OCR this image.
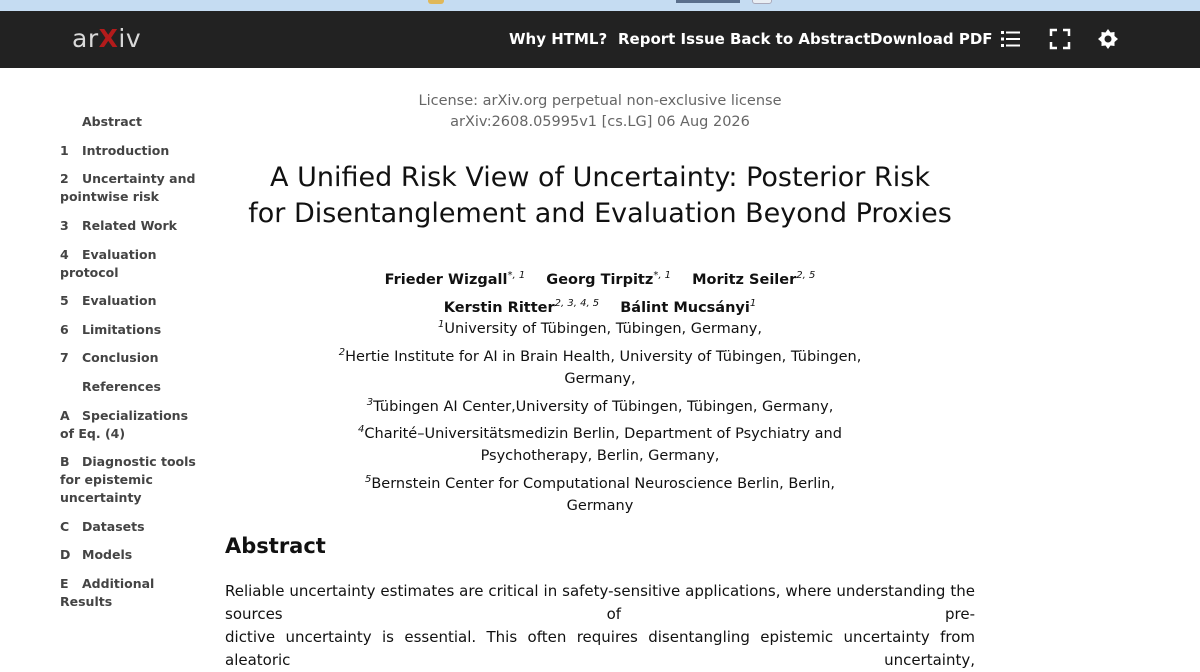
arXiv	Why HTML? Report Issue Back to Abstract Download PDF
Abstract
1 Introduction
2 Uncertainty and pointwise risk
3 Related Work
4 Evaluation protocol
5 Evaluation
6 Limitations
7 Conclusion
References
A Specializations of Eq. (4)
B Diagnostic tools for epistemic uncertainty
C Datasets
D Models
E Additional Results
License: arXiv.org perpetual non-exclusive license
arXiv:2608.05995v1 [cs.LG] 06 Aug 2026
A Unified Risk View of Uncertainty: Posterior Risk
for Disentanglement and Evaluation Beyond Proxies
Frieder Wizgall$^{*, 1}$ Georg Tirpitz$^{*, 1}$ Moritz Seiler$^{2, 5}$
Kerstin Ritter$^{2, 3, 4, 5}$ Bálint Mucsányi$^1$
$^1$University of Tübingen, Tübingen, Germany,
$^2$Hertie Institute for AI in Brain Health, University of Tübingen, Tübingen, Germany,
$^3$Tübingen AI Center,University of Tübingen, Tübingen, Germany,
$^4$Charité–Universitätsmedizin Berlin, Department of Psychiatry and Psychotherapy, Berlin, Germany,
$^5$Bernstein Center for Computational Neuroscience Berlin, Berlin, Germany
Abstract
Reliable uncertainty estimates are critical in safety-sensitive applications, where understanding the sources of pre-
dictive uncertainty is essential. This often requires disentangling epistemic uncertainty from aleatoric uncertainty,
